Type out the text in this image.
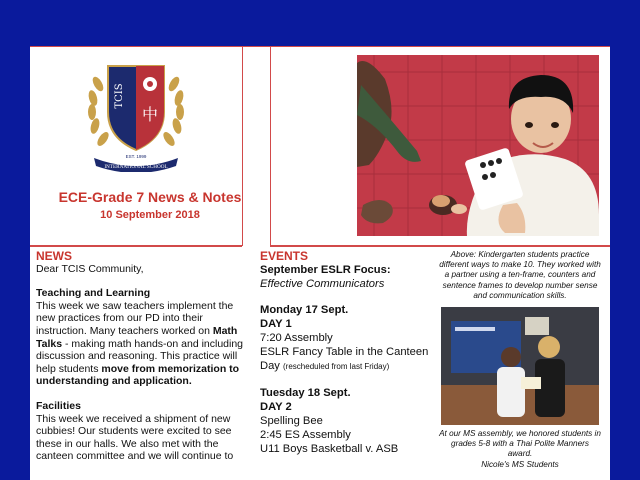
中
TCIS
EST. 1999
INTERNATIONAL SCHOOL
ECE-Grade 7 News & Notes
10 September 2018
NEWS
Dear TCIS Community,
Teaching and Learning
This week we saw teachers implement the new practices from our PD into their instruction. Many teachers worked on Math Talks - making math hands-on and including discussion and reasoning. This practice will help students move from memorization to understanding and application.
Facilities
This week we received a shipment of new cubbies! Our students were excited to see these in our halls. We also met with the canteen committee and we will continue to
EVENTS
September ESLR Focus:
Effective Communicators
Monday 17 Sept.
DAY 1
7:20 Assembly
ESLR Fancy Table in the Canteen Day (rescheduled from last Friday)
Tuesday 18 Sept.
DAY 2
Spelling Bee
2:45 ES Assembly
U11 Boys Basketball v. ASB
Above: Kindergarten students practice different ways to make 10. They worked with a partner using a ten-frame, counters and sentence frames to develop number sense and communication skills.
At our MS assembly, we honored students in grades 5-8 with a Thai Polite Manners award.
Nicole's MS Students
